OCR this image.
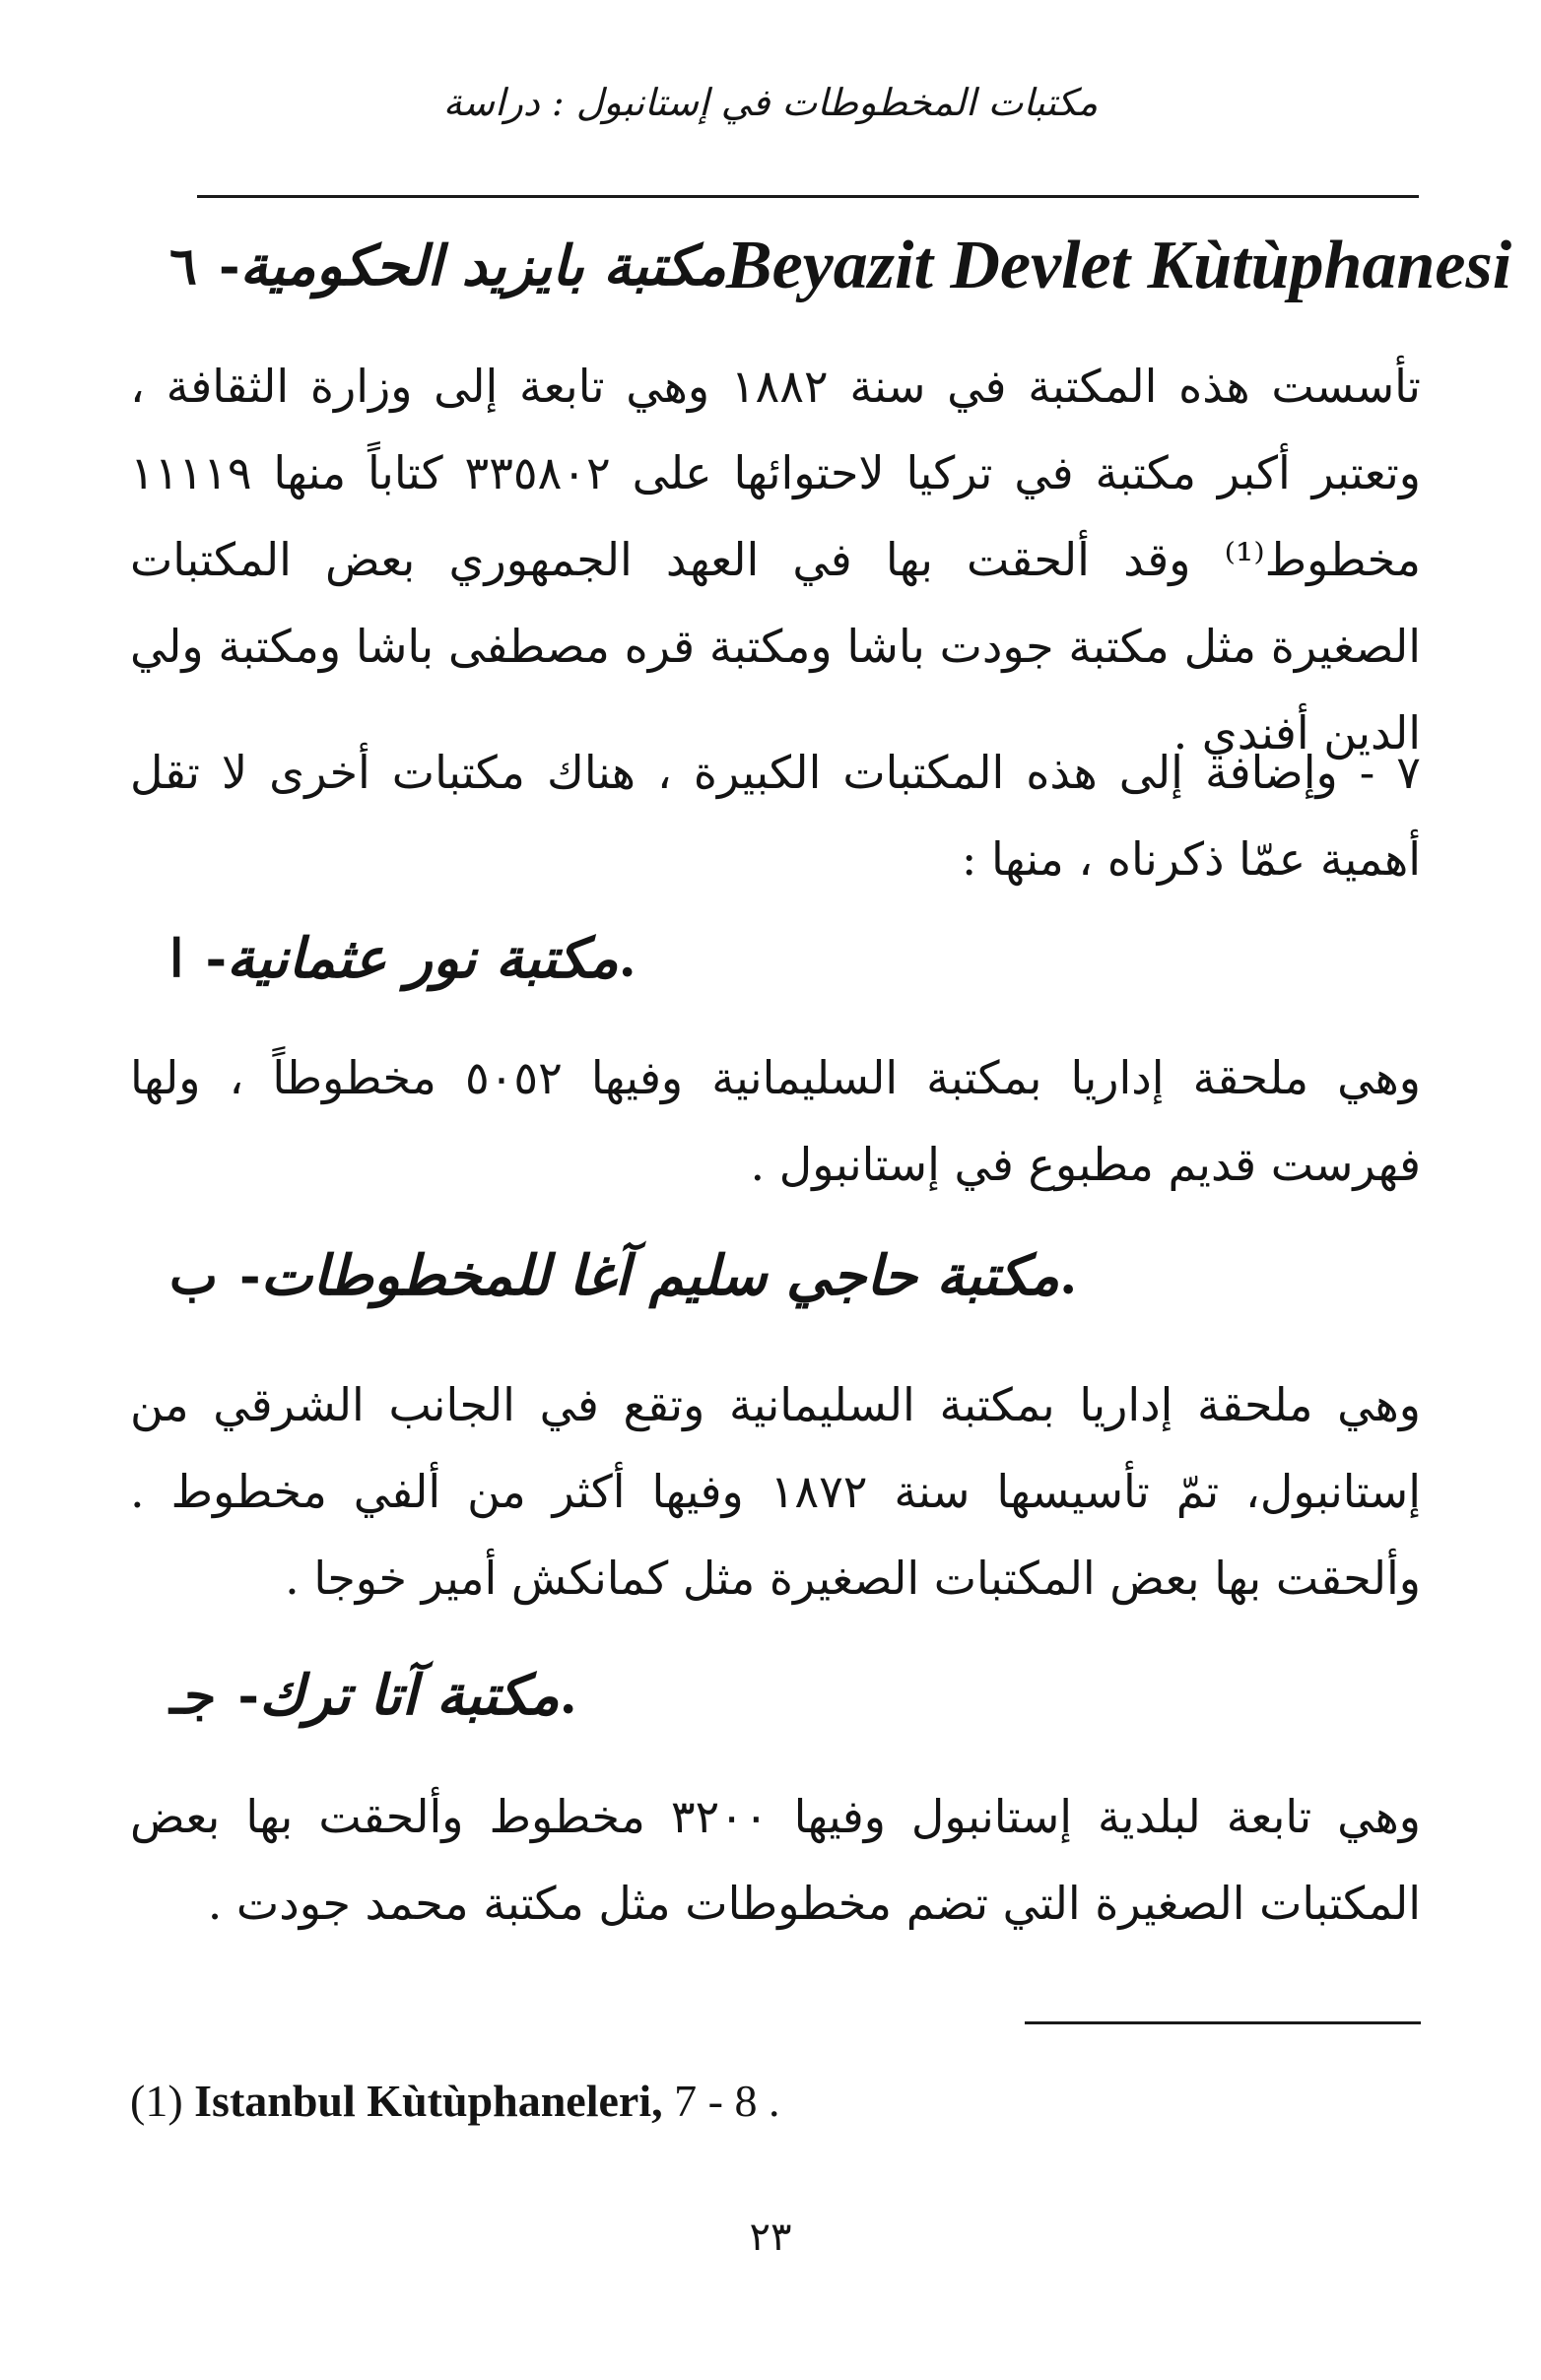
مكتبات المخطوطات في إستانبول : دراسة
٦ - مكتبة بايزيد الحكومية Beyazit Devlet Kùtùphanesi

تأسست هذه المكتبة في سنة ١٨٨٢ وهي تابعة إلى وزارة الثقافة ، وتعتبر أكبر مكتبة في تركيا لاحتوائها على ٣٣٥٨٠٢ كتاباً منها ١١١١٩ مخطوط⁽¹⁾ وقد ألحقت بها في العهد الجمهوري بعض المكتبات الصغيرة مثل مكتبة جودت باشا ومكتبة قره مصطفى باشا ومكتبة ولي الدين أفندي .

٧ - وإضافة إلى هذه المكتبات الكبيرة ، هناك مكتبات أخرى لا تقل أهمية عمّا ذكرناه ، منها :

ا - مكتبة نور عثمانية .

وهي ملحقة إداريا بمكتبة السليمانية وفيها ٥٠٥٢ مخطوطاً ، ولها فهرست قديم مطبوع في إستانبول .

ب - مكتبة حاجي سليم آغا للمخطوطات .

وهي ملحقة إداريا بمكتبة السليمانية وتقع في الجانب الشرقي من إستانبول، تمّ تأسيسها سنة ١٨٧٢ وفيها أكثر من ألفي مخطوط . وألحقت بها بعض المكتبات الصغيرة مثل كمانكش أمير خوجا .

جـ - مكتبة آتا ترك .

وهي تابعة لبلدية إستانبول وفيها ٣٢٠٠ مخطوط وألحقت بها بعض المكتبات الصغيرة التي تضم مخطوطات مثل مكتبة محمد جودت .

(1) Istanbul Kùtùphaneleri, 7 - 8 .
٢٣
